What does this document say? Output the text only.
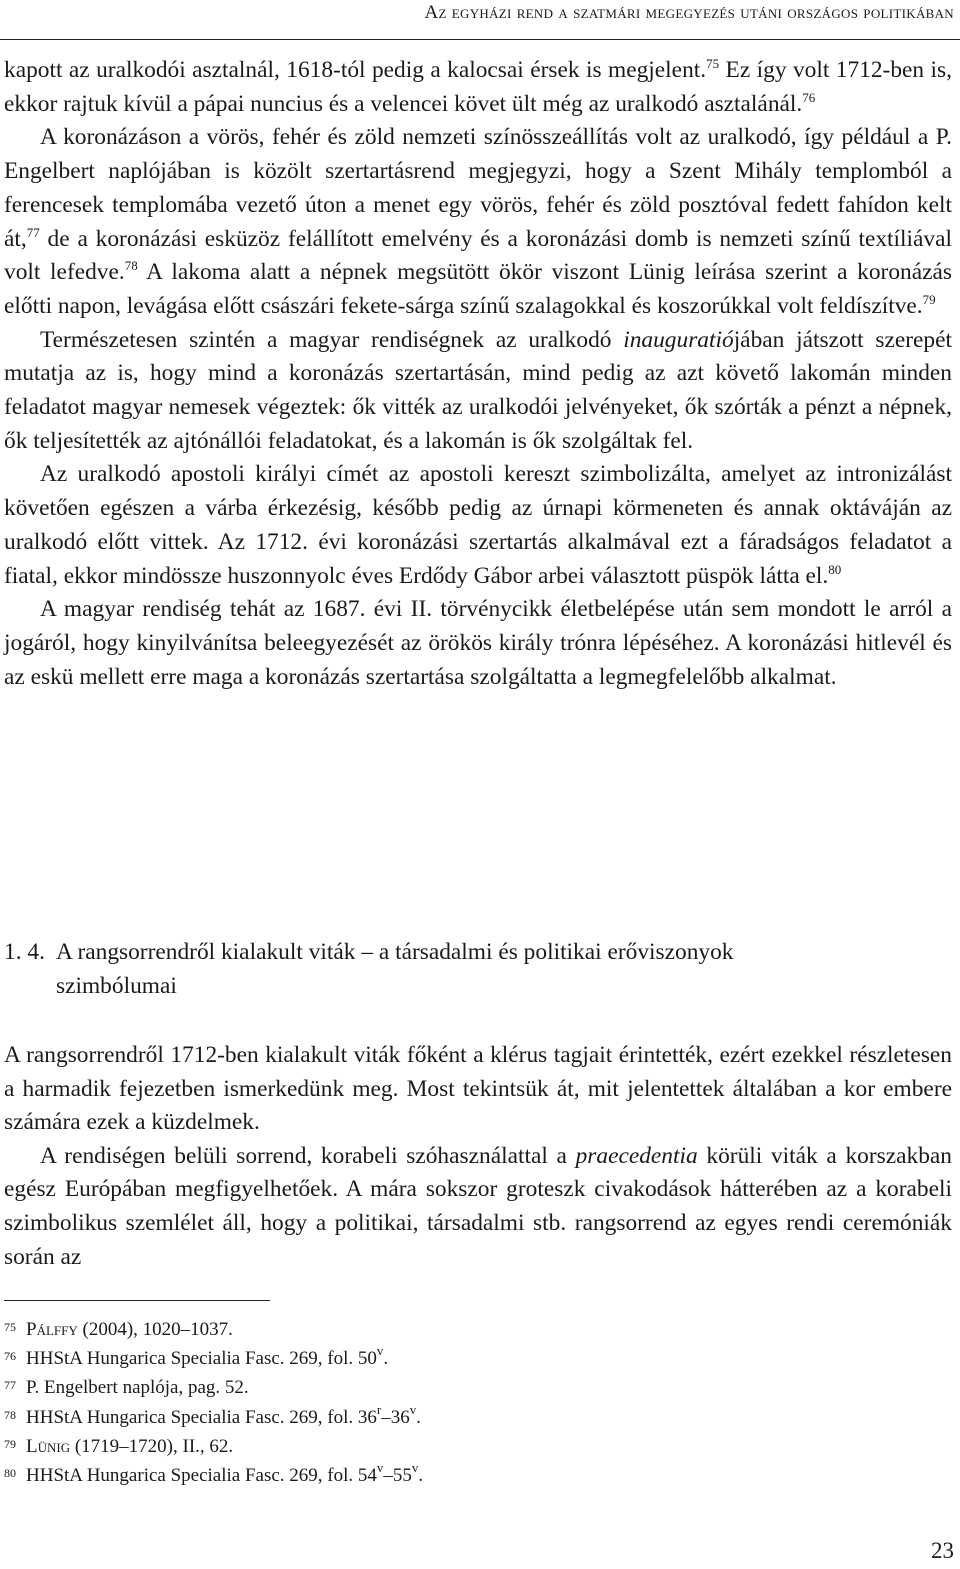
Az egyházi rend a szatmári megegyezés utáni országos politikában

kapott az uralkodói asztalnál, 1618-tól pedig a kalocsai érsek is megjelent.$^{75}$ Ez így volt 1712-ben is, ekkor rajtuk kívül a pápai nuncius és a velencei követ ült még az uralkodó asztalánál.$^{76}$

A koronázáson a vörös, fehér és zöld nemzeti színösszeállítás volt az uralkodó, így például a P. Engelbert naplójában is közölt szertartásrend megjegyzi, hogy a Szent Mihály templomból a ferencesek templomába vezető úton a menet egy vörös, fehér és zöld posztóval fedett fahídon kelt át,$^{77}$ de a koronázási esküzöz felállított emelvény és a koronázási domb is nemzeti színű textíliával volt lefedve.$^{78}$ A lakoma alatt a népnek megsütött ökör viszont Lünig leírása szerint a koronázás előtti napon, levágása előtt császári fekete-sárga színű szalagokkal és koszorúkkal volt feldíszítve.$^{79}$

Természetesen szintén a magyar rendiségnek az uralkodó inauguratiójában játszott szerepét mutatja az is, hogy mind a koronázás szertartásán, mind pedig az azt követő lakomán minden feladatot magyar nemesek végeztek: ők vitték az uralkodói jelvényeket, ők szórták a pénzt a népnek, ők teljesítették az ajtónállói feladatokat, és a lakomán is ők szolgáltak fel.

Az uralkodó apostoli királyi címét az apostoli kereszt szimbolizálta, amelyet az intronizálást követően egészen a várba érkezésig, később pedig az úrnapi körmeneten és annak oktáváján az uralkodó előtt vittek. Az 1712. évi koronázási szertartás alkalmával ezt a fáradságos feladatot a fiatal, ekkor mindössze huszonnyolc éves Erdődy Gábor arbei választott püspök látta el.$^{80}$

A magyar rendiség tehát az 1687. évi II. törvénycikk életbelépése után sem mondott le arról a jogáról, hogy kinyilvánítsa beleegyezését az örökös király trónra lépéséhez. A koronázási hitlevél és az eskü mellett erre maga a koronázás szertartása szolgáltatta a legmegfelelőbb alkalmat.

1. 4. A rangsorrendről kialakult viták – a társadalmi és politikai erőviszonyok
szimbólumai

A rangsorrendről 1712-ben kialakult viták főként a klérus tagjait érintették, ezért ezekkel részletesen a harmadik fejezetben ismerkedünk meg. Most tekintsük át, mit jelentettek általában a kor embere számára ezek a küzdelmek.

A rendiségen belüli sorrend, korabeli szóhasználattal a praecedentia körüli viták a korszakban egész Európában megfigyelhetőek. A mára sokszor groteszk civakodások hátterében az a korabeli szimbolikus szemlélet áll, hogy a politikai, társadalmi stb. rangsorrend az egyes rendi ceremóniák során az

75 Pálffy (2004), 1020–1037.
76 HHStA Hungarica Specialia Fasc. 269, fol. 50$^v$.
77 P. Engelbert naplója, pag. 52.
78 HHStA Hungarica Specialia Fasc. 269, fol. 36$^r$–36$^v$.
79 Lünig (1719–1720), II., 62.
80 HHStA Hungarica Specialia Fasc. 269, fol. 54$^v$–55$^v$.
23
